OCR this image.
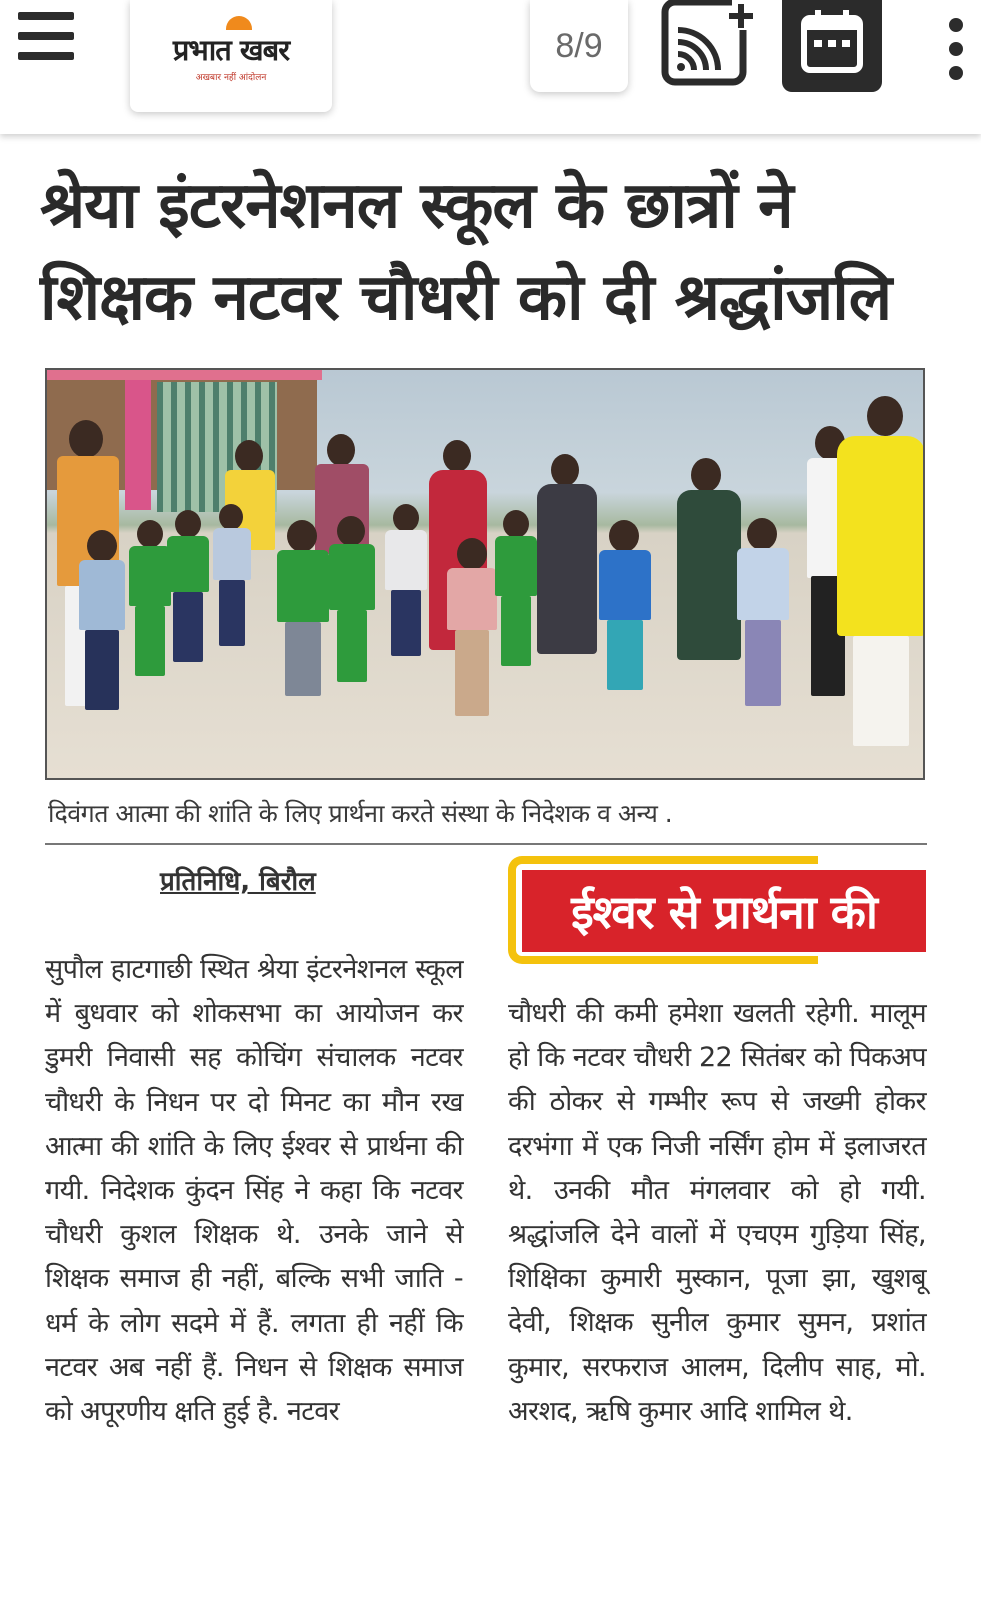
प्रभात खबर
अखबार नहीं आंदोलन
8/9
श्रेया इंटरनेशनल स्कूल के छात्रों ने
शिक्षक नटवर चौधरी को दी श्रद्धांजलि
दिवंगत आत्मा की शांति के लिए प्रार्थना करते संस्था के निदेशक व अन्य .
प्रतिनिधि, बिरौल
ईश्वर से प्रार्थना की
सुपौल हाटगाछी स्थित श्रेया इंटरनेशनल स्कूल में बुधवार को शोकसभा का आयोजन कर डुमरी निवासी सह कोचिंग संचालक नटवर चौधरी के निधन पर दो मिनट का मौन रख आत्मा की शांति के लिए ईश्वर से प्रार्थना की गयी. निदेशक कुंदन सिंह ने कहा कि नटवर चौधरी कुशल शिक्षक थे. उनके जाने से शिक्षक समाज ही नहीं, बल्कि सभी जाति - धर्म के लोग सदमे में हैं. लगता ही नहीं कि नटवर अब नहीं हैं. निधन से शिक्षक समाज को अपूरणीय क्षति हुई है. नटवर
चौधरी की कमी हमेशा खलती रहेगी. मालूम हो कि नटवर चौधरी 22 सितंबर को पिकअप की ठोकर से गम्भीर रूप से जख्मी होकर दरभंगा में एक निजी नर्सिंग होम में इलाजरत थे. उनकी मौत मंगलवार को हो गयी. श्रद्धांजलि देने वालों में एचएम गुड़िया सिंह, शिक्षिका कुमारी मुस्कान, पूजा झा, खुशबू देवी, शिक्षक सुनील कुमार सुमन, प्रशांत कुमार, सरफराज आलम, दिलीप साह, मो. अरशद, ऋषि कुमार आदि शामिल थे.
